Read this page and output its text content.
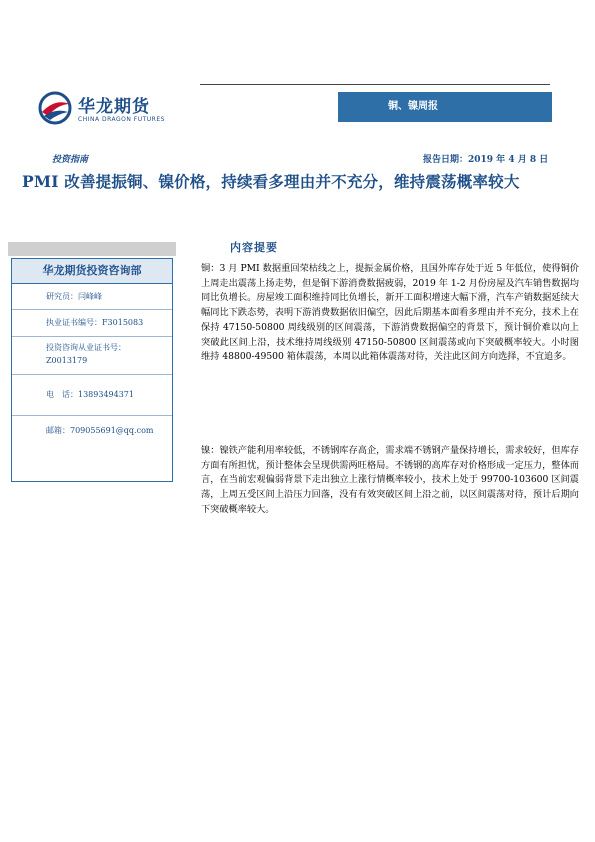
华龙期货
CHINA DRAGON FUTURES
铜、镍周报
投资指南	报告日期：2019 年 4 月 8 日
PMI 改善提振铜、镍价格，持续看多理由并不充分，维持震荡概率较大
华龙期货投资咨询部
研究员：闫峰峰
执业证书编号：F3015083
投资咨询从业证书号：Z0013179
电　话：13893494371
邮箱：709055691@qq.com
内容提要
铜：3 月 PMI 数据重回荣枯线之上，提振金属价格，且国外库存处于近 5 年低位，使得铜价上周走出震荡上扬走势，但是铜下游消费数据疲弱，2019 年 1-2 月份房屋及汽车销售数据均同比负增长。房屋竣工面积维持同比负增长，新开工面积增速大幅下滑，汽车产销数据延续大幅同比下跌态势，表明下游消费数据依旧偏空，因此后期基本面看多理由并不充分，技术上在保持 47150-50800 周线级别的区间震荡，下游消费数据偏空的背景下，预计铜价难以向上突破此区间上沿，技术维持周线级别 47150-50800 区间震荡或向下突破概率较大。小时图维持 48800-49500 箱体震荡，本周以此箱体震荡对待，关注此区间方向选择，不宜追多。
镍：镍铁产能利用率较低，不锈钢库存高企，需求端不锈钢产量保持增长，需求较好，但库存方面有所担忧，预计整体会呈现供需两旺格局。不锈钢的高库存对价格形成一定压力，整体而言，在当前宏观偏弱背景下走出独立上涨行情概率较小，技术上处于 99700-103600 区间震荡，上周五受区间上沿压力回落，没有有效突破区间上沿之前，以区间震荡对待，预计后期向下突破概率较大。
